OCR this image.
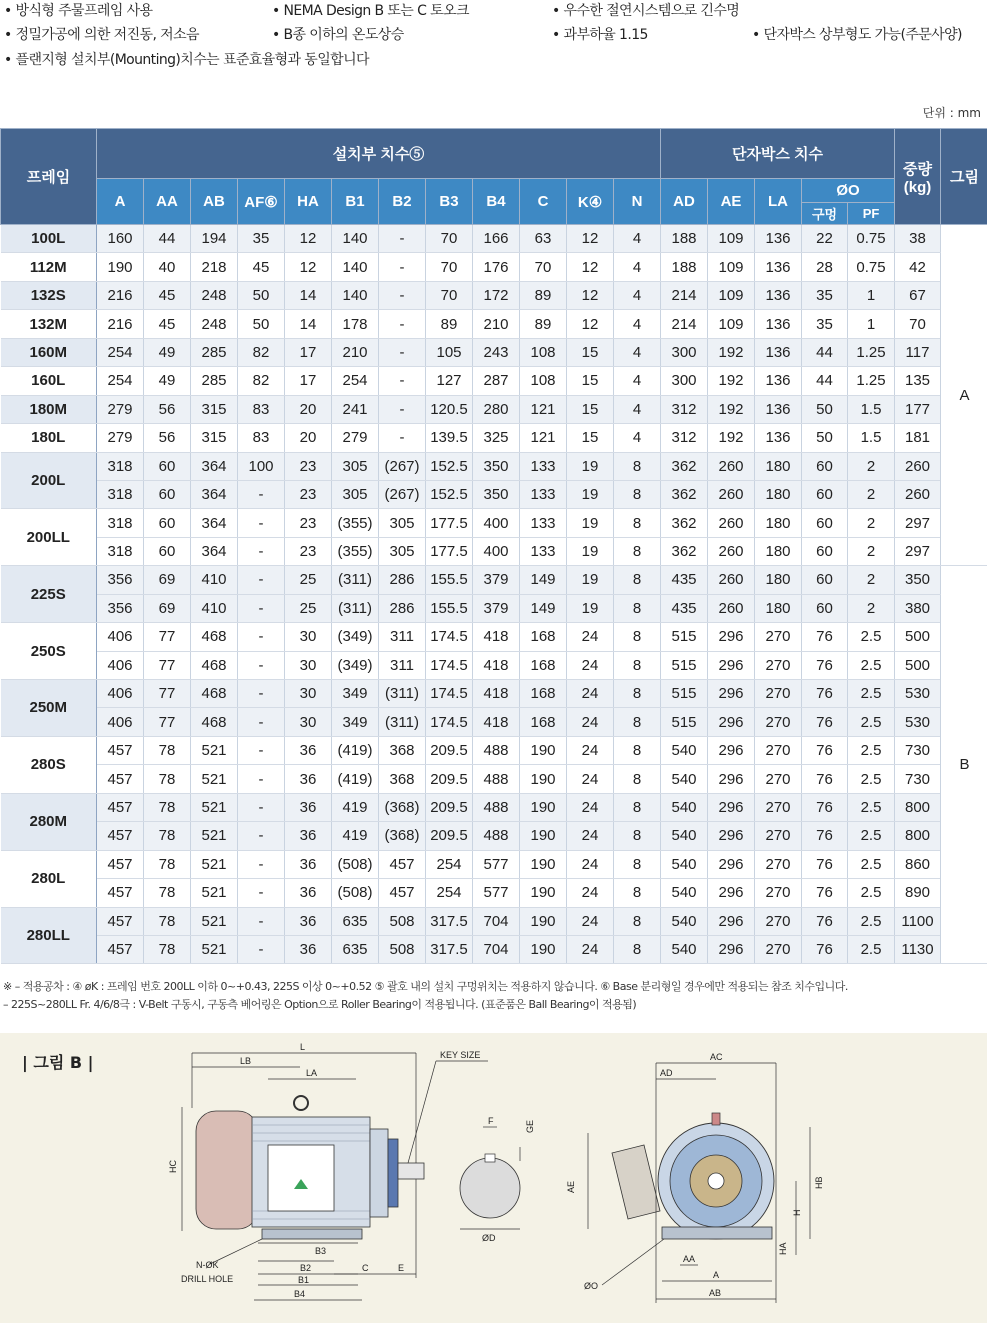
• 방식형 주물프레임 사용	• NEMA Design B 또는 C 토오크	• 우수한 절연시스템으로 긴수명
• 정밀가공에 의한 저진동, 저소음	• B종 이하의 온도상승	• 과부하율 1.15	• 단자박스 상부형도 가능(주문사양)
• 플랜지형 설치부(Mounting)치수는 표준효율형과 동일합니다
단위 : mm
프레임	설치부 치수⑤												단자박스 치수					중량 (kg)	그림
	A	AA	AB	AF⑥	HA	B1	B2	B3	B4	C	K④	N	AD	AE	LA	ØO			
																구멍	PF		
100L	160	44	194	35	12	140	-	70	166	63	12	4	188	109	136	22	0.75	38	A
112M	190	40	218	45	12	140	-	70	176	70	12	4	188	109	136	28	0.75	42	
132S	216	45	248	50	14	140	-	70	172	89	12	4	214	109	136	35	1	67	
132M	216	45	248	50	14	178	-	89	210	89	12	4	214	109	136	35	1	70	
160M	254	49	285	82	17	210	-	105	243	108	15	4	300	192	136	44	1.25	117	
160L	254	49	285	82	17	254	-	127	287	108	15	4	300	192	136	44	1.25	135	
180M	279	56	315	83	20	241	-	120.5	280	121	15	4	312	192	136	50	1.5	177	
180L	279	56	315	83	20	279	-	139.5	325	121	15	4	312	192	136	50	1.5	181	
200L	318	60	364	100	23	305	(267)	152.5	350	133	19	8	362	260	180	60	2	260	
	318	60	364	-	23	305	(267)	152.5	350	133	19	8	362	260	180	60	2	260	
200LL	318	60	364	-	23	(355)	305	177.5	400	133	19	8	362	260	180	60	2	297	
	318	60	364	-	23	(355)	305	177.5	400	133	19	8	362	260	180	60	2	297	
225S	356	69	410	-	25	(311)	286	155.5	379	149	19	8	435	260	180	60	2	350	B
	356	69	410	-	25	(311)	286	155.5	379	149	19	8	435	260	180	60	2	380	
250S	406	77	468	-	30	(349)	311	174.5	418	168	24	8	515	296	270	76	2.5	500	
	406	77	468	-	30	(349)	311	174.5	418	168	24	8	515	296	270	76	2.5	500	
250M	406	77	468	-	30	349	(311)	174.5	418	168	24	8	515	296	270	76	2.5	530	
	406	77	468	-	30	349	(311)	174.5	418	168	24	8	515	296	270	76	2.5	530	
280S	457	78	521	-	36	(419)	368	209.5	488	190	24	8	540	296	270	76	2.5	730	
	457	78	521	-	36	(419)	368	209.5	488	190	24	8	540	296	270	76	2.5	730	
280M	457	78	521	-	36	419	(368)	209.5	488	190	24	8	540	296	270	76	2.5	800	
	457	78	521	-	36	419	(368)	209.5	488	190	24	8	540	296	270	76	2.5	800	
280L	457	78	521	-	36	(508)	457	254	577	190	24	8	540	296	270	76	2.5	860	
	457	78	521	-	36	(508)	457	254	577	190	24	8	540	296	270	76	2.5	890	
280LL	457	78	521	-	36	635	508	317.5	704	190	24	8	540	296	270	76	2.5	1100	
	457	78	521	-	36	635	508	317.5	704	190	24	8	540	296	270	76	2.5	1130	
※ – 적용공차 : ④ øK : 프레임 번호 200LL 이하 0~+0.43, 225S 이상 0~+0.52 ⑤ 괄호 내의 설치 구멍위치는 적용하지 않습니다. ⑥ Base 분리형일 경우에만 적용되는 참조 치수입니다.
– 225S~280LL Fr. 4/6/8극 : V-Belt 구동시, 구동측 베어링은 Option으로 Roller Bearing이 적용됩니다. (표준품은 Ball Bearing이 적용됨)
| 그림 B |
L
LB
LA
HC
KEY SIZE
N-ØK
DRILL HOLE
B3
B2
B1
B4
C	E
F	GE
ØD
AC
AD
AE	HB
H
HA
AA
A
AB
ØO
